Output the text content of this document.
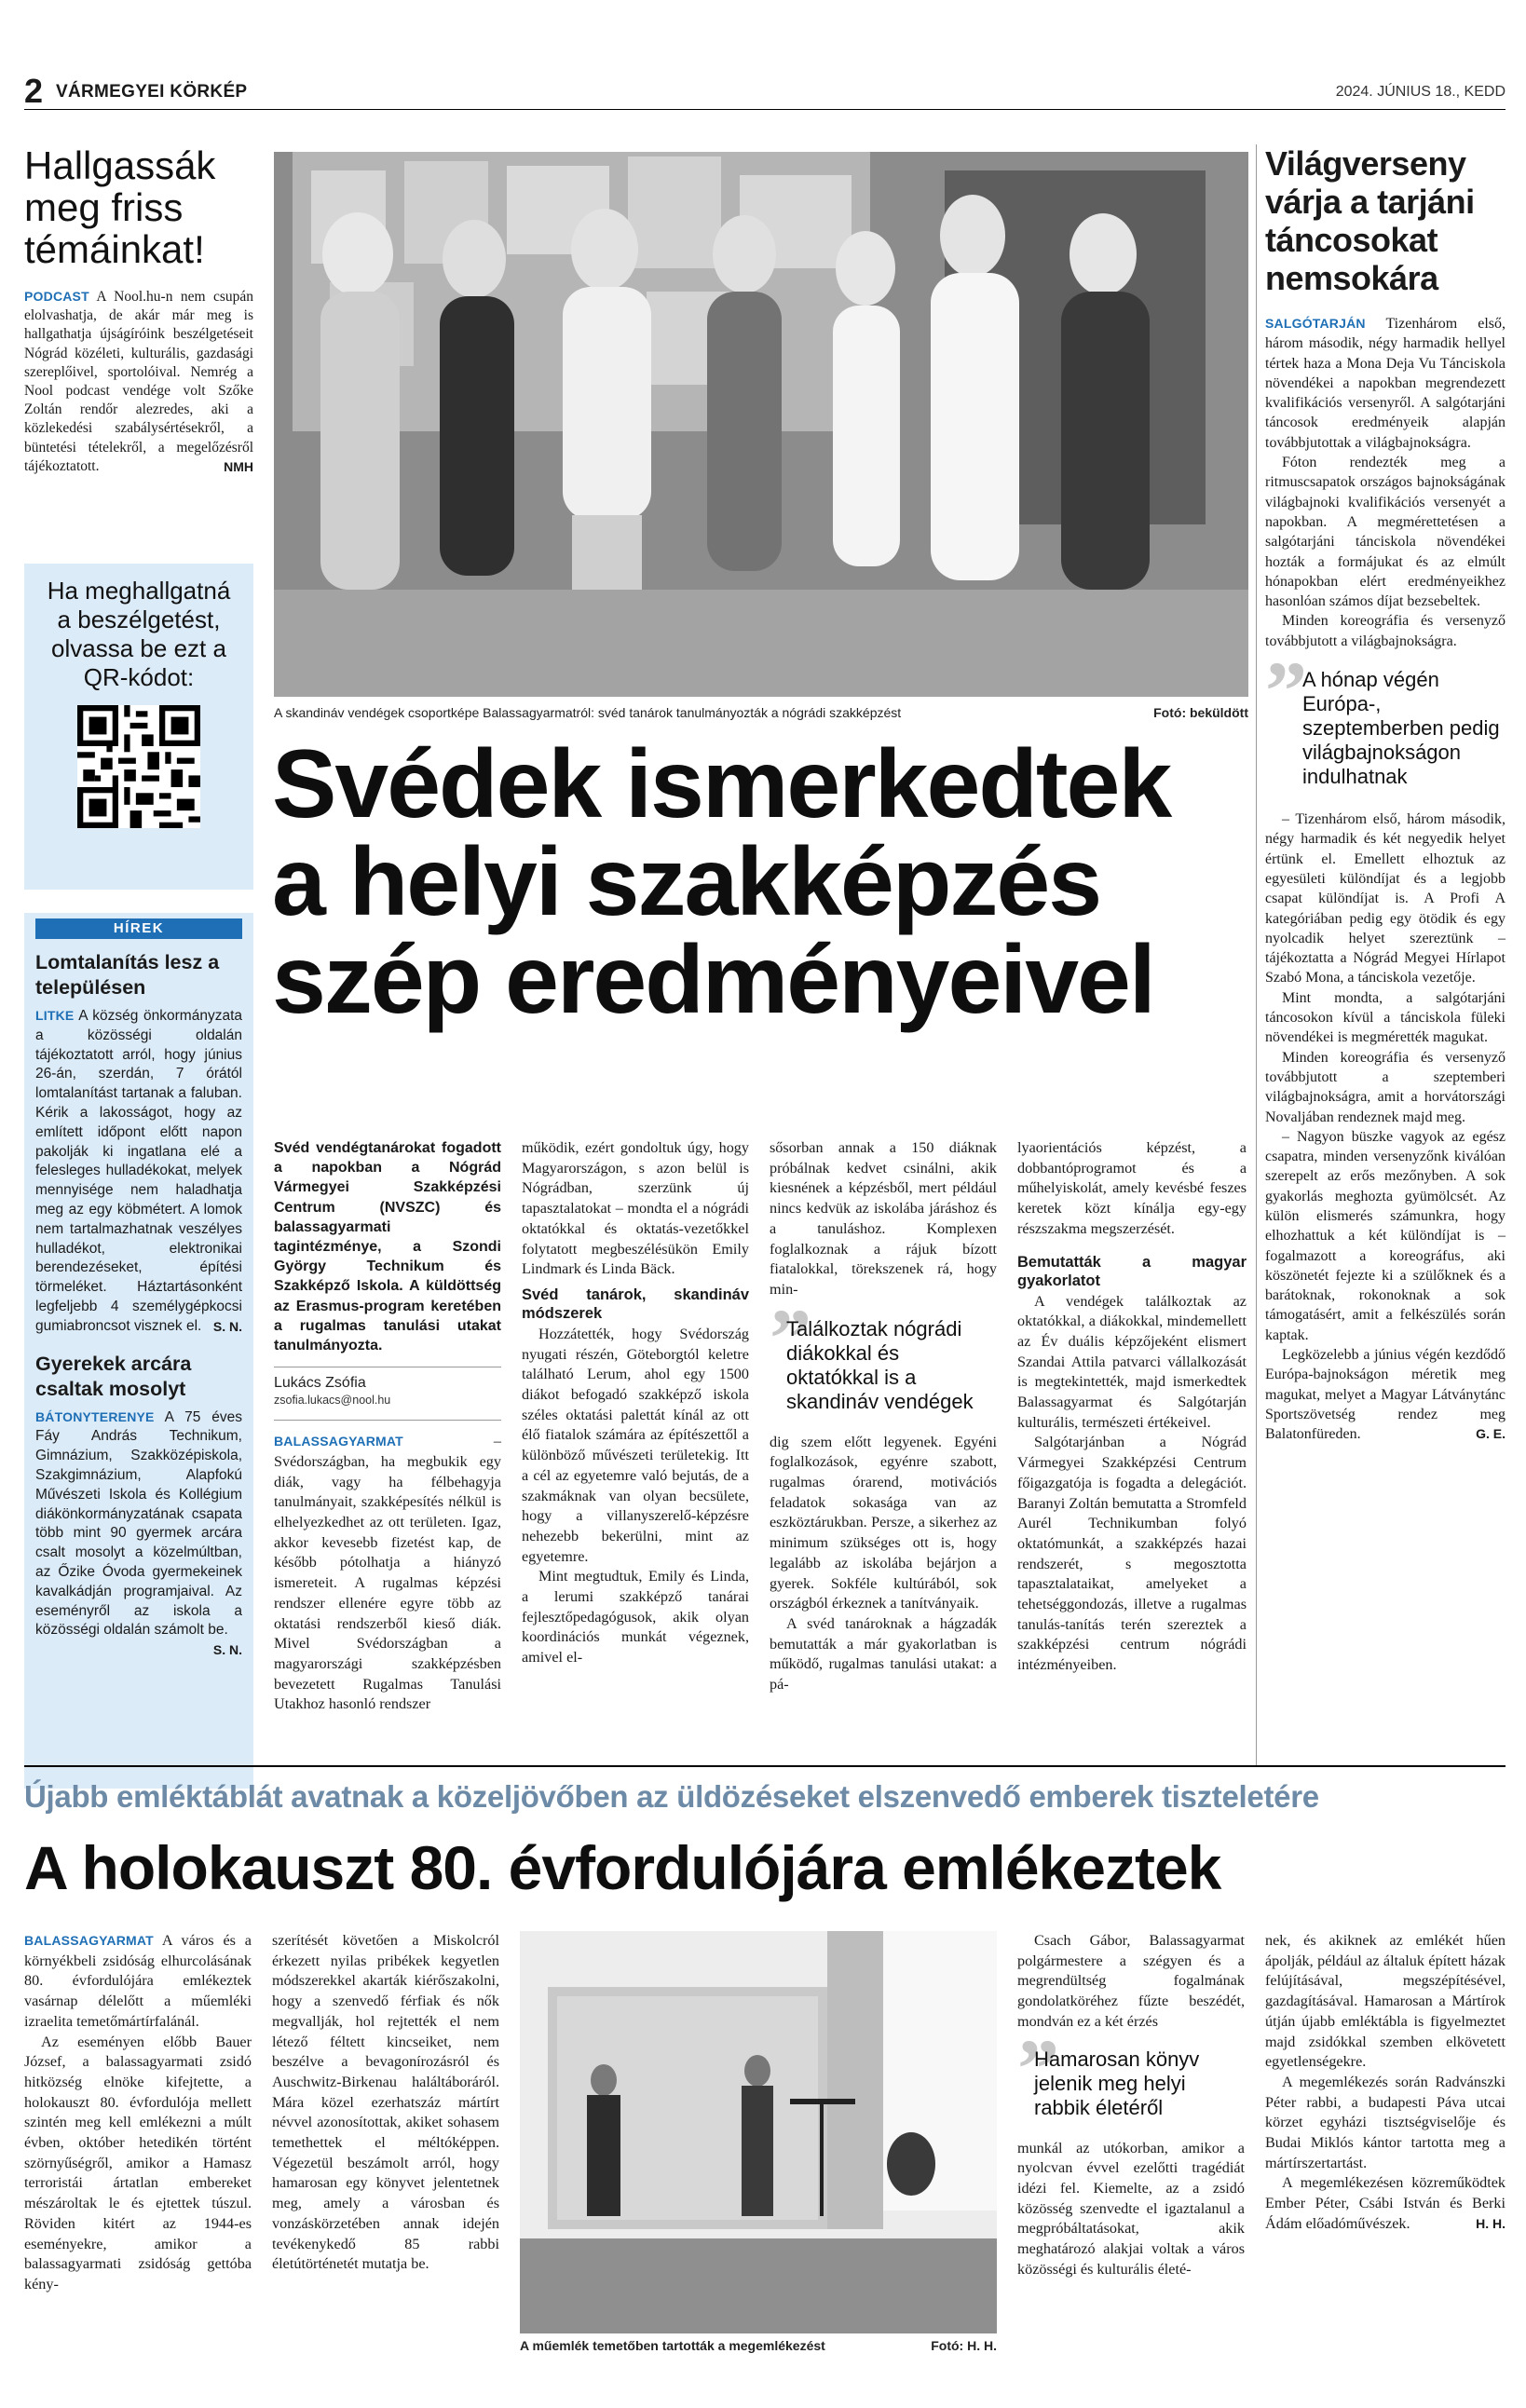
2 VÁRMEGYEI KÖRKÉP	2024. JÚNIUS 18., KEDD
Hallgassák meg friss témáinkat!
PODCAST A Nool.hu-n nem csupán elolvashatja, de akár már meg is hallgathatja újságíróink beszélgetéseit Nógrád közéleti, kulturális, gazdasági szereplőivel, sportolóival. Nemrég a Nool podcast vendége volt Szőke Zoltán rendőr alezredes, aki a közlekedési szabálysértésekről, a büntetési tételekről, a megelőzésről tájékoztatott.	NMH
Ha meghallgatná a beszélgetést, olvassa be ezt a QR-kódot:
HÍREK
Lomtalanítás lesz a településen
LITKE A község önkormányzata a közösségi oldalán tájékoztatott arról, hogy június 26-án, szerdán, 7 órától lomtalanítást tartanak a faluban. Kérik a lakosságot, hogy az említett időpont előtt napon pakolják ki ingatlana elé a felesleges hulladékokat, melyek mennyisége nem haladhatja meg az egy köbmétert. A lomok nem tartalmazhatnak veszélyes hulladékot, elektronikai berendezéseket, építési törmeléket. Háztartásonként legfeljebb 4 személygépkocsi gumiabroncsot visznek el. S. N.
Gyerekek arcára csaltak mosolyt
BÁTONYTERENYE A 75 éves Fáy András Technikum, Gimnázium, Szakközépiskola, Szakgimnázium, Alapfokú Művészeti Iskola és Kollégium diákönkormányzatának csapata több mint 90 gyermek arcára csalt mosolyt a közelmúltban, az Őzike Óvoda gyermekeinek kavalkádján programjaival. Az eseményről az iskola a közösségi oldalán számolt be.
S. N.
A skandináv vendégek csoportképe Balassagyarmatról: svéd tanárok tanulmányozták a nógrádi szakképzést	Fotó: beküldött
Svédek ismerkedtek
a helyi szakképzés
szép eredményeivel
Svéd vendégtanárokat fogadott a napokban a Nógrád Vármegyei Szakképzési Centrum (NVSZC) és balassagyarmati tagintézménye, a Szondi György Technikum és Szakképző Iskola. A küldöttség az Erasmus-program keretében a rugalmas tanulási utakat tanulmányozta.
Lukács Zsófia
zsofia.lukacs@nool.hu
BALASSAGYARMAT	– Svédországban, ha megbukik egy diák, vagy ha félbehagyja tanulmányait, szakképesítés nélkül is elhelyezkedhet az ott területen. Igaz, akkor kevesebb fizetést kap, de később pótolhatja a hiányzó ismereteit. A rugalmas képzési rendszer ellenére egyre több az oktatási rendszerből kieső diák. Mivel Svédországban a magyarországi szakképzésben bevezetett Rugalmas Tanulási Utakhoz hasonló rendszer

működik, ezért gondoltuk úgy, hogy Magyarországon, s azon belül is Nógrádban, szerzünk új tapasztalatokat – mondta el a nógrádi oktatókkal és oktatás-vezetőkkel folytatott megbeszélésükön Emily Lindmark és Linda Bäck.

Svéd tanárok, skandináv módszerek

Hozzátették, hogy Svédország nyugati részén, Göteborgtól keletre található Lerum, ahol egy 1500 diákot befogadó szakképző iskola széles oktatási palettát kínál az ott élő fiatalok számára az építészettől a különböző művészeti területekig. Itt a cél az egyetemre való bejutás, de a szakmáknak van olyan becsülete, hogy a villanyszerelő-képzésre nehezebb bekerülni, mint az egyetemre.

Mint megtudtuk, Emily és Linda, a lerumi szakképző tanárai fejlesztőpedagógusok, akik olyan koordinációs munkát végeznek, amivel el-

sősorban annak a 150 diáknak próbálnak kedvet csinálni, akik kiesnének a képzésből, mert például nincs kedvük az iskolába járáshoz és a tanuláshoz. Komplexen foglalkoznak a rájuk bízott fiatalokkal, törekszenek rá, hogy min-

”
Találkoztak nógrádi diákokkal és oktatókkal is a skandináv vendégek

dig szem előtt legyenek. Egyéni foglalkozások, egyénre szabott, rugalmas órarend, motivációs feladatok sokasága van az eszköztárukban. Persze, a sikerhez az minimum szükséges ott is, hogy legalább az iskolába bejárjon a gyerek. Sokféle kultúrából, sok országból érkeznek a tanítványaik.

A svéd tanároknak a hágzadák bemutatták a már gyakorlatban is működő, rugalmas tanulási utakat: a pá-

lyaorientációs képzést, a dobbantóprogramot és a műhelyiskolát, amely kevésbé feszes keretek közt kínálja egy-egy részszakma megszerzését.

Bemutatták a magyar gyakorlatot

A vendégek találkoztak az oktatókkal, a diákokkal, mindemellett az Év duális képzőjeként elismert Szandai Attila patvarci vállalkozását is megtekintették, majd ismerkedtek Balassagyarmat és Salgótarján kulturális, természeti értékeivel.

Salgótarjánban a Nógrád Vármegyei Szakképzési Centrum főigazgatója is fogadta a delegációt. Baranyi Zoltán bemutatta a Stromfeld Aurél Technikumban folyó oktatómunkát, a szakképzés hazai rendszerét, s megosztotta tapasztalataikat, amelyeket a tehetséggondozás, illetve a rugalmas tanulás-tanítás terén szereztek a szakképzési centrum nógrádi intézményeiben.

Világverseny várja a tarjáni táncosokat nemsokára

SALGÓTARJÁN Tizenhárom első, három második, négy harmadik hellyel tértek haza a Mona Deja Vu Tánciskola növendékei a napokban megrendezett kvalifikációs versenyről. A salgótarjáni táncosok eredményeik alapján továbbjutottak a világbajnokságra.

Fóton rendezték meg a ritmuscsapatok országos bajnokságának világbajnoki kvalifikációs versenyét a napokban. A megmérettetésen a salgótarjáni tánciskola növendékei hozták a formájukat és az elmúlt hónapokban elért eredményeikhez hasonlóan számos díjat bezsebeltek.

Minden koreográfia és versenyző továbbjutott a világbajnokságra.

”
A hónap végén Európa-, szeptemberben pedig világbajnokságon indulhatnak

– Tizenhárom első, három második, négy harmadik és két negyedik helyet értünk el. Emellett elhoztuk az egyesületi különdíjat és a legjobb csapat különdíjat is. A Profi A kategóriában pedig egy ötödik és egy nyolcadik helyet szereztünk – tájékoztatta a Nógrád Megyei Hírlapot Szabó Mona, a tánciskola vezetője.

Mint mondta, a salgótarjáni táncosokon kívül a tánciskola füleki növendékei is megmérették magukat.

Minden koreográfia és versenyző továbbjutott a szeptemberi világbajnokságra, amit a horvátországi Novaljában rendeznek majd meg.

– Nagyon büszke vagyok az egész csapatra, minden versenyzőnk kiválóan szerepelt az erős mezőnyben. A sok gyakorlás meghozta gyümölcsét. Az külön elismerés számunkra, hogy elhozhattuk a két különdíjat is – fogalmazott a koreográfus, aki köszönetét fejezte ki a szülőknek és a barátoknak, rokonoknak a sok támogatásért, amit a felkészülés során kaptak.

Legközelebb a június végén kezdődő Európa-bajnokságon méretik meg magukat, melyet a Magyar Látványtánc Sportszövetség rendez meg Balatonfüreden.	G. E.

Újabb emléktáblát avatnak a közeljövőben az üldözéseket elszenvedő emberek tiszteletére
A holokauszt 80. évfordulójára emlékeztek

BALASSAGYARMAT A város és a környékbeli zsidóság elhurcolásának 80. évfordulójára emlékeztek vasárnap délelőtt a műemléki izraelita temetőmártírfalánál.

Az eseményen előbb Bauer József, a balassagyarmati zsidó hitközség elnöke kifejtette, a holokauszt 80. évfordulója mellett szintén meg kell emlékezni a múlt évben, október hetedikén történt szörnyűségről, amikor a Hamasz terroristái ártatlan embereket mészároltak le és ejtettek túszul. Röviden kitért az 1944-es eseményekre, amikor a balassagyarmati zsidóság gettóba kény-

szerítését követően a Miskolcról érkezett nyilas pribékek kegyetlen módszerekkel akarták kiérőszakolni, hogy a szenvedő férfiak és nők megvallják, hol rejtették el nem létező féltett kincseiket, nem beszélve a bevagonírozásról és Auschwitz-Birkenau haláltáboráról. Mára közel ezerhatszáz mártírt névvel azonosítottak, akiket sohasem temethettek el méltóképpen. Végezetül beszámolt arról, hogy hamarosan egy könyvet jelentetnek meg, amely a városban és vonzáskörzetében annak idején tevékenykedő 85 rabbi életútörténetét mutatja be.

A műemlék temetőben tartották a megemlékezést	Fotó: H. H.

Csach Gábor, Balassagyarmat polgármestere a szégyen és a megrendültség fogalmának gondolatköréhez fűzte beszédét, mondván ez a két érzés

”
Hamarosan könyv jelenik meg helyi rabbik életéről

munkál az utókorban, amikor a nyolcvan évvel ezelőtti tragédiát idézi fel. Kiemelte, az a zsidó közösség szenvedte el igaztalanul a megpróbáltatásokat, akik meghatározó alakjai voltak a város közösségi és kulturális életé-

nek, és akiknek az emlékét hűen ápolják, például az általuk épített házak felújításával, megszépítésével, gazdagításával. Hamarosan a Mártírok útján újabb emléktábla is figyelmeztet majd zsidókkal szemben elkövetett egyetlenségekre.

A megemlékezés során Radvánszki Péter rabbi, a budapesti Páva utcai körzet egyházi tisztségviselője és Budai Miklós kántor tartotta meg a mártírszertartást.

A megemlékezésen közreműködtek Ember Péter, Csábi István és Berki Ádám előadóművészek.	H. H.
